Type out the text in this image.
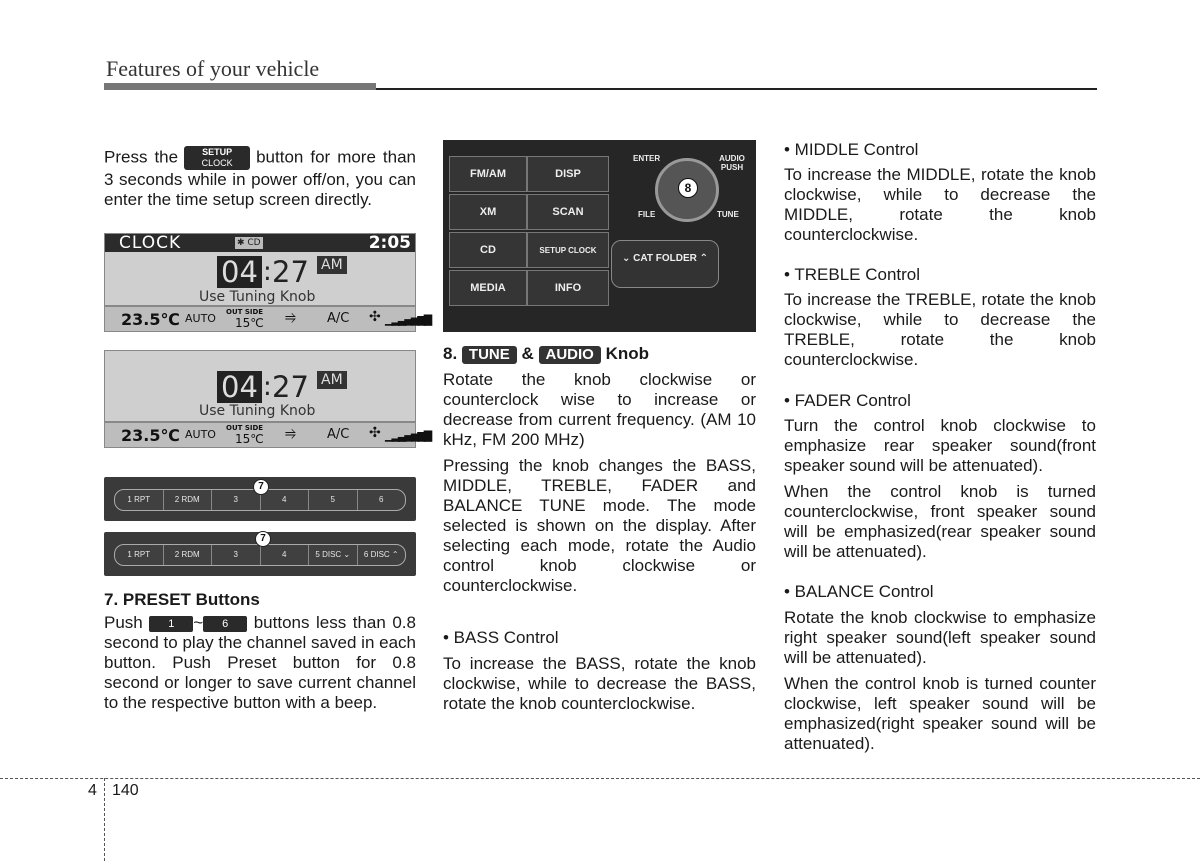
Features of your vehicle

Press the	SETUP
CLOCK button for more than 3 seconds while in power off/on, you can enter the time setup screen directly.

CLOCK	✱ CD	2:05
04 : 27 AM
Use Tuning Knob
23.5℃ AUTO OUT SIDE
15℃ ⥤ A/C ✣ ▁▂▃▄▅▆▇
04 : 27 AM
Use Tuning Knob
23.5℃ AUTO OUT SIDE
15℃ ⥤ A/C ✣ ▁▂▃▄▅▆▇
1 RPT	2 RDM	3	4	5	6
7
1 RPT	2 RDM	3	4	5 DISC ⌄	6 DISC ⌃
7
7. PRESET Buttons

Push 1 ~ 6 buttons less than 0.8 second to play the channel saved in each button. Push Preset button for 0.8 second or longer to save current channel to the respective button with a beep.

FM/AM	DISP
XM	SCAN
CD	SETUP CLOCK
MEDIA	INFO
ENTER	AUDIO PUSH
8
FILE	TUNE
⌄ CAT FOLDER ⌃
8. TUNE & AUDIO Knob

Rotate the knob clockwise or counterclock wise to increase or decrease from current frequency. (AM 10 kHz, FM 200 MHz)

Pressing the knob changes the BASS, MIDDLE, TREBLE, FADER and BALANCE TUNE mode. The mode selected is shown on the display. After selecting each mode, rotate the Audio control knob clockwise or counterclockwise.

• BASS Control

To increase the BASS, rotate the knob clockwise, while to decrease the BASS, rotate the knob counterclockwise.

• MIDDLE Control

To increase the MIDDLE, rotate the knob clockwise, while to decrease the MIDDLE, rotate the knob counterclockwise.

• TREBLE Control

To increase the TREBLE, rotate the knob clockwise, while to decrease the TREBLE, rotate the knob counterclockwise.

• FADER Control

Turn the control knob clockwise to emphasize rear speaker sound(front speaker sound will be attenuated).

When the control knob is turned counterclockwise, front speaker sound will be emphasized(rear speaker sound will be attenuated).

• BALANCE Control

Rotate the knob clockwise to emphasize right speaker sound(left speaker sound will be attenuated).

When the control knob is turned counter clockwise, left speaker sound will be emphasized(right speaker sound will be attenuated).

4 140
